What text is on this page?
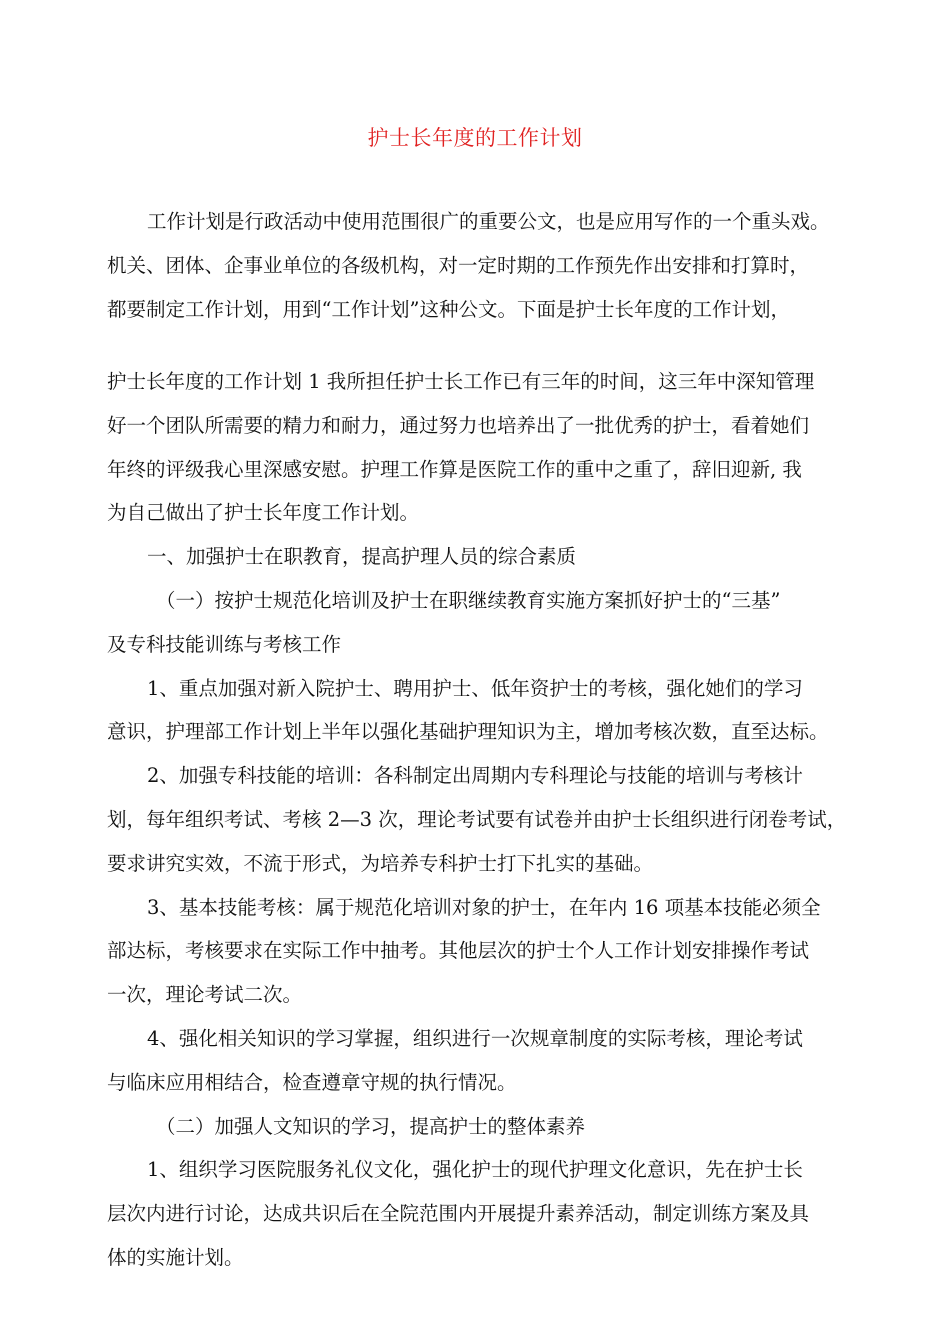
护士长年度的工作计划
工作计划是行政活动中使用范围很广的重要公文，也是应用写作的一个重头戏。
机关、团体、企事业单位的各级机构，对一定时期的工作预先作出安排和打算时，
都要制定工作计划，用到“工作计划”这种公文。下面是护士长年度的工作计划，
护士长年度的工作计划 1 我所担任护士长工作已有三年的时间，这三年中深知管理
好一个团队所需要的精力和耐力，通过努力也培养出了一批优秀的护士，看着她们
年终的评级我心里深感安慰。护理工作算是医院工作的重中之重了，辞旧迎新, 我
为自己做出了护士长年度工作计划。
一、加强护士在职教育，提高护理人员的综合素质
（一）按护士规范化培训及护士在职继续教育实施方案抓好护士的“三基”
及专科技能训练与考核工作
1、重点加强对新入院护士、聘用护士、低年资护士的考核，强化她们的学习
意识，护理部工作计划上半年以强化基础护理知识为主，增加考核次数，直至达标。
2、加强专科技能的培训：各科制定出周期内专科理论与技能的培训与考核计
划，每年组织考试、考核 2—3 次，理论考试要有试卷并由护士长组织进行闭卷考试，
要求讲究实效，不流于形式，为培养专科护士打下扎实的基础。
3、基本技能考核：属于规范化培训对象的护士，在年内 16 项基本技能必须全
部达标，考核要求在实际工作中抽考。其他层次的护士个人工作计划安排操作考试
一次，理论考试二次。
4、强化相关知识的学习掌握，组织进行一次规章制度的实际考核，理论考试
与临床应用相结合，检查遵章守规的执行情况。
（二）加强人文知识的学习，提高护士的整体素养
1、组织学习医院服务礼仪文化，强化护士的现代护理文化意识，先在护士长
层次内进行讨论，达成共识后在全院范围内开展提升素养活动，制定训练方案及具
体的实施计划。
